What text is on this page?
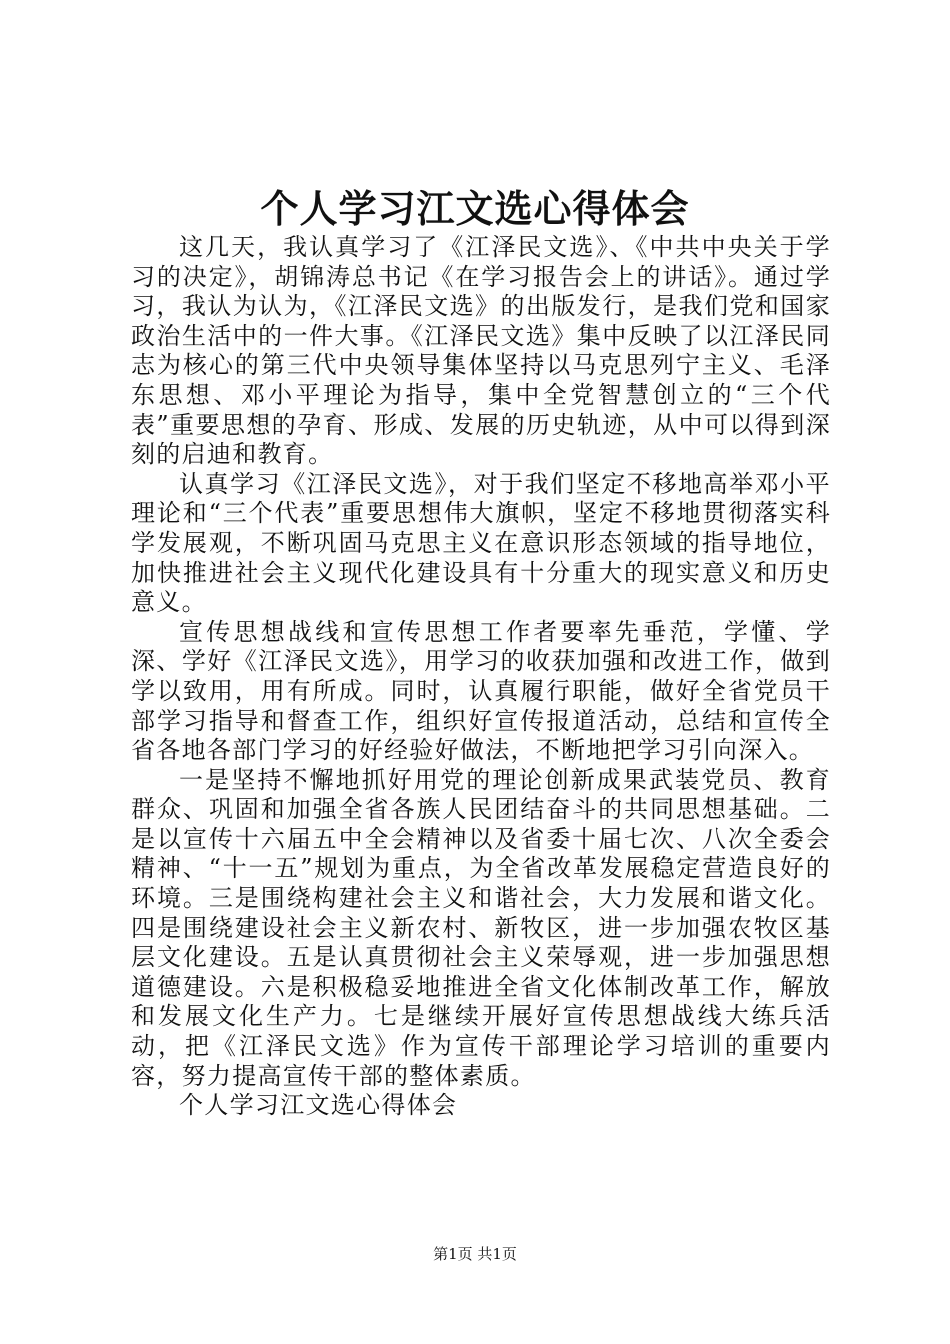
个人学习江文选心得体会

这几天，我认真学习了《江泽民文选》、《中共中央关于学习的决定》，胡锦涛总书记《在学习报告会上的讲话》。通过学习，我认为认为，《江泽民文选》的出版发行，是我们党和国家政治生活中的一件大事。《江泽民文选》集中反映了以江泽民同志为核心的第三代中央领导集体坚持以马克思列宁主义、毛泽东思想、邓小平理论为指导，集中全党智慧创立的“三个代表”重要思想的孕育、形成、发展的历史轨迹，从中可以得到深刻的启迪和教育。

认真学习《江泽民文选》，对于我们坚定不移地高举邓小平理论和“三个代表”重要思想伟大旗帜，坚定不移地贯彻落实科学发展观，不断巩固马克思主义在意识形态领域的指导地位，加快推进社会主义现代化建设具有十分重大的现实意义和历史意义。

宣传思想战线和宣传思想工作者要率先垂范，学懂、学深、学好《江泽民文选》，用学习的收获加强和改进工作，做到学以致用，用有所成。同时，认真履行职能，做好全省党员干部学习指导和督查工作，组织好宣传报道活动，总结和宣传全省各地各部门学习的好经验好做法，不断地把学习引向深入。

一是坚持不懈地抓好用党的理论创新成果武装党员、教育群众、巩固和加强全省各族人民团结奋斗的共同思想基础。二是以宣传十六届五中全会精神以及省委十届七次、八次全委会精神、“十一五”规划为重点，为全省改革发展稳定营造良好的环境。三是围绕构建社会主义和谐社会，大力发展和谐文化。四是围绕建设社会主义新农村、新牧区，进一步加强农牧区基层文化建设。五是认真贯彻社会主义荣辱观，进一步加强思想道德建设。六是积极稳妥地推进全省文化体制改革工作，解放和发展文化生产力。七是继续开展好宣传思想战线大练兵活动，把《江泽民文选》作为宣传干部理论学习培训的重要内容，努力提高宣传干部的整体素质。

个人学习江文选心得体会

第1页 共1页
